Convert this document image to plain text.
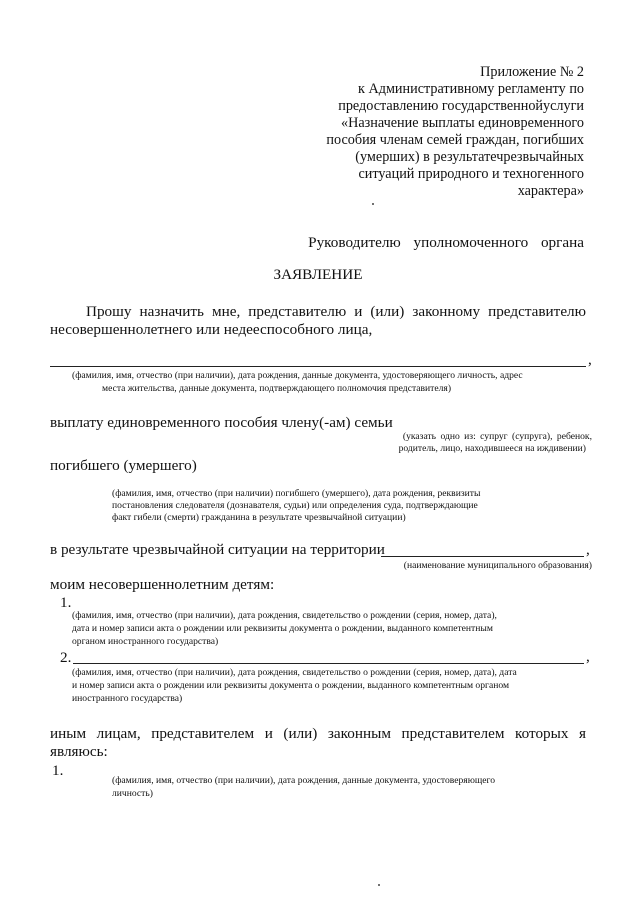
Приложение № 2
к Административному регламенту по
предоставлению государственнойуслуги
«Назначение выплаты единовременного
пособия членам семей граждан, погибших
(умерших) в результатечрезвычайных
ситуаций природного и техногенного
характера»
Руководителю уполномоченного органа
ЗАЯВЛЕНИЕ
Прошу назначить мне, представителю и (или) законному представителю
несовершеннолетнего или недееспособного лица,
,
(фамилия, имя, отчество (при наличии), дата рождения, данные документа, удостоверяющего личность, адрес
места жительства, данные документа, подтверждающего полномочия представителя)
выплату единовременного пособия члену(-ам) семьи
(указать одно из: супруг (супруга), ребенок,
родитель, лицо, находившееся на иждивении)
погибшего (умершего)
(фамилия, имя, отчество (при наличии) погибшего (умершего), дата рождения, реквизиты
постановления следователя (дознавателя, судьи) или определения суда, подтверждающие
факт гибели (смерти) гражданина в результате чрезвычайной ситуации)
в результате чрезвычайной ситуации на территории	,
(наименование муниципального образования)
моим несовершеннолетним детям:
1.
(фамилия, имя, отчество (при наличии), дата рождения, свидетельство о рождении (серия, номер, дата),
дата и номер записи акта о рождении или реквизиты документа о рождении, выданного компетентным
органом иностранного государства)
2.	,
(фамилия, имя, отчество (при наличии), дата рождения, свидетельство о рождении (серия, номер, дата), дата
и номер записи акта о рождении или реквизиты документа о рождении, выданного компетентным органом
иностранного государства)
иным лицам, представителем и (или) законным представителем которых я
являюсь:
1.
(фамилия, имя, отчество (при наличии), дата рождения, данные документа, удостоверяющего
личность)
